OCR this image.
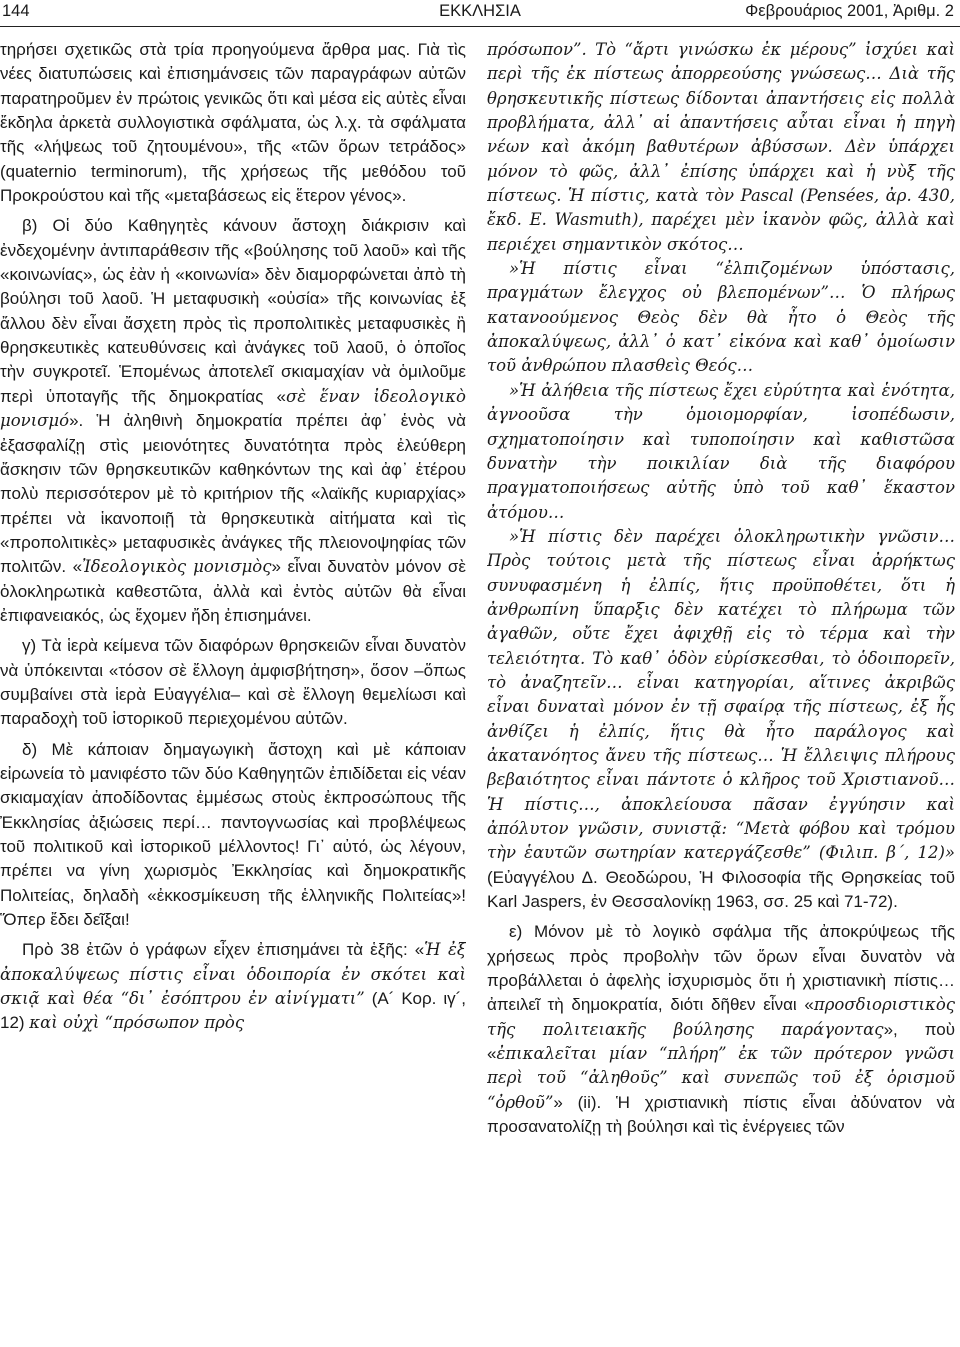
144	ΕΚΚΛΗΣΙΑ	Φεβρουάριος 2001, Ἀριθμ. 2

τηρήσει σχετικῶς στὰ τρία προηγούμενα ἄρθρα μας. Γιὰ τὶς νέες διατυπώσεις καὶ ἐπισημάνσεις τῶν παραγράφων αὐτῶν παρατηροῦμεν ἐν πρώτοις γενικῶς ὅτι καὶ μέσα εἰς αὐτὲς εἶναι ἔκδηλα ἀρκετὰ συλλογιστικὰ σφάλματα, ὡς λ.χ. τὰ σφάλματα τῆς «λήψεως τοῦ ζητουμένου», τῆς «τῶν ὅρων τετράδος» (quaternio terminorum), τῆς χρήσεως τῆς μεθόδου τοῦ Προκρούστου καὶ τῆς «μεταβάσεως εἰς ἕτερον γένος».

β) Οἱ δύο Καθηγητὲς κάνουν ἄστοχη διάκρισιν καὶ ἐνδεχομένην ἀντιπαράθεσιν τῆς «βούλησης τοῦ λαοῦ» καὶ τῆς «κοινωνίας», ὡς ἐὰν ἡ «κοινωνία» δὲν διαμορφώνεται ἀπὸ τὴ βούλησι τοῦ λαοῦ. Ἡ μεταφυσικὴ «οὐσία» τῆς κοινωνίας ἐξ ἄλλου δὲν εἶναι ἄσχετη πρὸς τὶς προπολιτικὲς μεταφυσικὲς ἢ θρησκευτικὲς κατευθύνσεις καὶ ἀνάγκες τοῦ λαοῦ, ὁ ὁποῖος τὴν συγκροτεῖ. Ἑπομένως ἀποτελεῖ σκιαμαχίαν νὰ ὁμιλοῦμε περὶ ὑποταγῆς τῆς δημοκρατίας «σὲ ἕναν ἰδεολογικὸ μονισμό». Ἡ ἀληθινὴ δημοκρατία πρέπει ἀφ᾽ ἑνὸς νὰ ἐξασφαλίζῃ στὶς μειονότητες δυνατότητα πρὸς ἐλεύθερη ἄσκησιν τῶν θρησκευτικῶν καθηκόντων της καὶ ἀφ᾽ ἑτέρου πολὺ περισσότερον μὲ τὸ κριτήριον τῆς «λαϊκῆς κυριαρχίας» πρέπει νὰ ἱκανοποιῇ τὰ θρησκευτικὰ αἰτήματα καὶ τὶς «προπολιτικὲς» μεταφυσικὲς ἀνάγκες τῆς πλειονοψηφίας τῶν πολιτῶν. «Ἰδεολογικὸς μονισμὸς» εἶναι δυνατὸν μόνον σὲ ὁλοκληρωτικὰ καθεστῶτα, ἀλλὰ καὶ ἐντὸς αὐτῶν θὰ εἶναι ἐπιφανειακός, ὡς ἔχομεν ἤδη ἐπισημάνει.

γ) Τὰ ἱερὰ κείμενα τῶν διαφόρων θρησκειῶν εἶναι δυνατὸν νὰ ὑπόκεινται «τόσον σὲ ἔλλογη ἀμφισβήτηση», ὅσον –ὅπως συμβαίνει στὰ ἱερὰ Εὐαγγέλια– καὶ σὲ ἔλλογη θεμελίωσι καὶ παραδοχὴ τοῦ ἱστορικοῦ περιεχομένου αὐτῶν.

δ) Μὲ κάποιαν δημαγωγικὴ ἄστοχη καὶ μὲ κάποιαν εἰρωνεία τὸ μανιφέστο τῶν δύο Καθηγητῶν ἐπιδίδεται εἰς νέαν σκιαμαχίαν ἀποδίδοντας ἐμμέσως στοὺς ἐκπροσώπους τῆς Ἐκκλησίας ἀξιώσεις περί… παντογνωσίας καὶ προβλέψεως τοῦ πολιτικοῦ καὶ ἱστορικοῦ μέλλοντος! Γι᾽ αὐτό, ὡς λέγουν, πρέπει να γίνη χωρισμὸς Ἐκκλησίας καὶ δημοκρατικῆς Πολιτείας, δηλαδὴ «ἐκκοσμίκευση τῆς ἑλληνικῆς Πολιτείας»! Ὅπερ ἔδει δεῖξαι!

Πρὸ 38 ἐτῶν ὁ γράφων εἶχεν ἐπισημάνει τὰ ἑξῆς: «Ἡ ἐξ ἀποκαλύψεως πίστις εἶναι ὁδοιπορία ἐν σκότει καὶ σκιᾷ καὶ θέα “δι᾽ ἐσόπτρου ἐν αἰνίγματι” (Α´ Κορ. ιγ´, 12) καὶ οὐχὶ “πρόσωπον πρὸς

πρόσωπον”. Τὸ “ἄρτι γινώσκω ἐκ μέρους” ἰσχύει καὶ περὶ τῆς ἐκ πίστεως ἀπορρεούσης γνώσεως… Διὰ τῆς θρησκευτικῆς πίστεως δίδονται ἀπαντήσεις εἰς πολλὰ προβλήματα, ἀλλ᾽ αἱ ἀπαντήσεις αὗται εἶναι ἡ πηγὴ νέων καὶ ἀκόμη βαθυτέρων ἀβύσσων. Δὲν ὑπάρχει μόνον τὸ φῶς, ἀλλ᾽ ἐπίσης ὑπάρχει καὶ ἡ νὺξ τῆς πίστεως. Ἡ πίστις, κατὰ τὸν Pascal (Pensées, ἀρ. 430, ἔκδ. E. Wasmuth), παρέχει μὲν ἱκανὸν φῶς, ἀλλὰ καὶ περιέχει σημαντικὸν σκότος…

»Ἡ πίστις εἶναι “ἐλπιζομένων ὑπόστασις, πραγμάτων ἔλεγχος οὐ βλεπομένων”… Ὁ πλήρως κατανοούμενος Θεὸς δὲν θὰ ἦτο ὁ Θεὸς τῆς ἀποκαλύψεως, ἀλλ᾽ ὁ κατ᾽ εἰκόνα καὶ καθ᾽ ὁμοίωσιν τοῦ ἀνθρώπου πλασθεὶς Θεός…

»Ἡ ἀλήθεια τῆς πίστεως ἔχει εὐρύτητα καὶ ἑνότητα, ἀγνοοῦσα τὴν ὁμοιομορφίαν, ἰσοπέδωσιν, σχηματοποίησιν καὶ τυποποίησιν καὶ καθιστῶσα δυνατὴν τὴν ποικιλίαν διὰ τῆς διαφόρου πραγματοποιήσεως αὐτῆς ὑπὸ τοῦ καθ᾽ ἕκαστον ἀτόμου…

»Ἡ πίστις δὲν παρέχει ὁλοκληρωτικὴν γνῶσιν… Πρὸς τούτοις μετὰ τῆς πίστεως εἶναι ἀρρήκτως συνυφασμένη ἡ ἐλπίς, ἥτις προϋποθέτει, ὅτι ἡ ἀνθρωπίνη ὕπαρξις δὲν κατέχει τὸ πλήρωμα τῶν ἀγαθῶν, οὔτε ἔχει ἀφιχθῇ εἰς τὸ τέρμα καὶ τὴν τελειότητα. Τὸ καθ᾽ ὁδὸν εὑρίσκεσθαι, τὸ ὁδοιπορεῖν, τὸ ἀναζητεῖν… εἶναι κατηγορίαι, αἵτινες ἀκριβῶς εἶναι δυναταὶ μόνον ἐν τῇ σφαίρᾳ τῆς πίστεως, ἐξ ἧς ἀνθίζει ἡ ἐλπίς, ἥτις θὰ ἦτο παράλογος καὶ ἀκατανόητος ἄνευ τῆς πίστεως… Ἡ ἔλλειψις πλήρους βεβαιότητος εἶναι πάντοτε ὁ κλῆρος τοῦ Χριστιανοῦ… Ἡ πίστις…, ἀποκλείουσα πᾶσαν ἐγγύησιν καὶ ἀπόλυτον γνῶσιν, συνιστᾷ: “Μετὰ φόβου καὶ τρόμου τὴν ἑαυτῶν σωτηρίαν κατεργάζεσθε” (Φιλιπ. β´, 12)» (Εὐαγγέλου Δ. Θεοδώρου, Ἡ Φιλοσοφία τῆς Θρησκείας τοῦ Karl Jaspers, ἐν Θεσσαλονίκῃ 1963, σσ. 25 καὶ 71-72).

ε) Μόνον μὲ τὸ λογικὸ σφάλμα τῆς ἀποκρύψεως τῆς χρήσεως πρὸς προβολὴν τῶν ὅρων εἶναι δυνατὸν νὰ προβάλλεται ὁ ἀφελὴς ἰσχυρισμὸς ὅτι ἡ χριστιανικὴ πίστις… ἀπειλεῖ τὴ δημοκρατία, διότι δῆθεν εἶναι «προσδιοριστικὸς τῆς πολιτειακῆς βούλησης παράγοντας», ποὺ «ἐπικαλεῖται μίαν “πλήρη” ἐκ τῶν πρότερον γνῶσι περὶ τοῦ “ἀληθοῦς” καὶ συνεπῶς τοῦ ἐξ ὁρισμοῦ “ὀρθοῦ”» (ii). Ἡ χριστιανικὴ πίστις εἶναι ἀδύνατον νὰ προσανατολίζῃ τὴ βούλησι καὶ τὶς ἐνέργειες τῶν
